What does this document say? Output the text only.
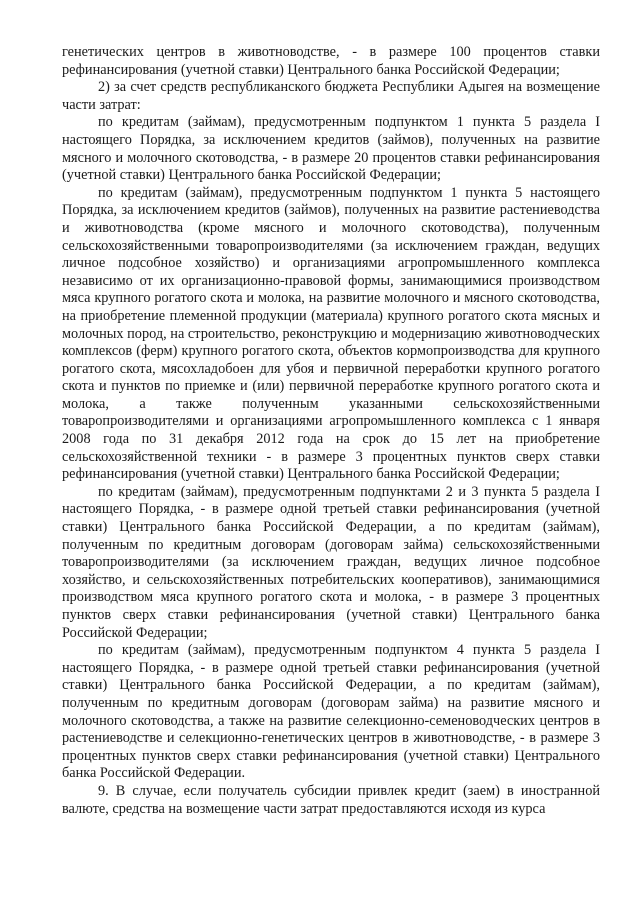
генетических центров в животноводстве, - в размере 100 процентов ставки рефинансирования (учетной ставки) Центрального банка Российской Федерации;

2) за счет средств республиканского бюджета Республики Адыгея на возмещение части затрат:

по кредитам (займам), предусмотренным подпунктом 1 пункта 5 раздела I настоящего Порядка, за исключением кредитов (займов), полученных на развитие мясного и молочного скотоводства, - в размере 20 процентов ставки рефинансирования (учетной ставки) Центрального банка Российской Федерации;

по кредитам (займам), предусмотренным подпунктом 1 пункта 5 настоящего Порядка, за исключением кредитов (займов), полученных на развитие растениеводства и животноводства (кроме мясного и молочного скотоводства), полученным сельскохозяйственными товаропроизводителями (за исключением граждан, ведущих личное подсобное хозяйство) и организациями агропромышленного комплекса независимо от их организационно-правовой формы, занимающимися производством мяса крупного рогатого скота и молока, на развитие молочного и мясного скотоводства, на приобретение племенной продукции (материала) крупного рогатого скота мясных и молочных пород, на строительство, реконструкцию и модернизацию животноводческих комплексов (ферм) крупного рогатого скота, объектов кормопроизводства для крупного рогатого скота, мясохладобоен для убоя и первичной переработки крупного рогатого скота и пунктов по приемке и (или) первичной переработке крупного рогатого скота и молока, а также полученным указанными сельскохозяйственными товаропроизводителями и организациями агропромышленного комплекса с 1 января 2008 года по 31 декабря 2012 года на срок до 15 лет на приобретение сельскохозяйственной техники - в размере 3 процентных пунктов сверх ставки рефинансирования (учетной ставки) Центрального банка Российской Федерации;

по кредитам (займам), предусмотренным подпунктами 2 и 3 пункта 5 раздела I настоящего Порядка, - в размере одной третьей ставки рефинансирования (учетной ставки) Центрального банка Российской Федерации, а по кредитам (займам), полученным по кредитным договорам (договорам займа) сельскохозяйственными товаропроизводителями (за исключением граждан, ведущих личное подсобное хозяйство, и сельскохозяйственных потребительских кооперативов), занимающимися производством мяса крупного рогатого скота и молока, - в размере 3 процентных пунктов сверх ставки рефинансирования (учетной ставки) Центрального банка Российской Федерации;

по кредитам (займам), предусмотренным подпунктом 4 пункта 5 раздела I настоящего Порядка, - в размере одной третьей ставки рефинансирования (учетной ставки) Центрального банка Российской Федерации, а по кредитам (займам), полученным по кредитным договорам (договорам займа) на развитие мясного и молочного скотоводства, а также на развитие селекционно-семеноводческих центров в растениеводстве и селекционно-генетических центров в животноводстве, - в размере 3 процентных пунктов сверх ставки рефинансирования (учетной ставки) Центрального банка Российской Федерации.

9. В случае, если получатель субсидии привлек кредит (заем) в иностранной валюте, средства на возмещение части затрат предоставляются исходя из курса
